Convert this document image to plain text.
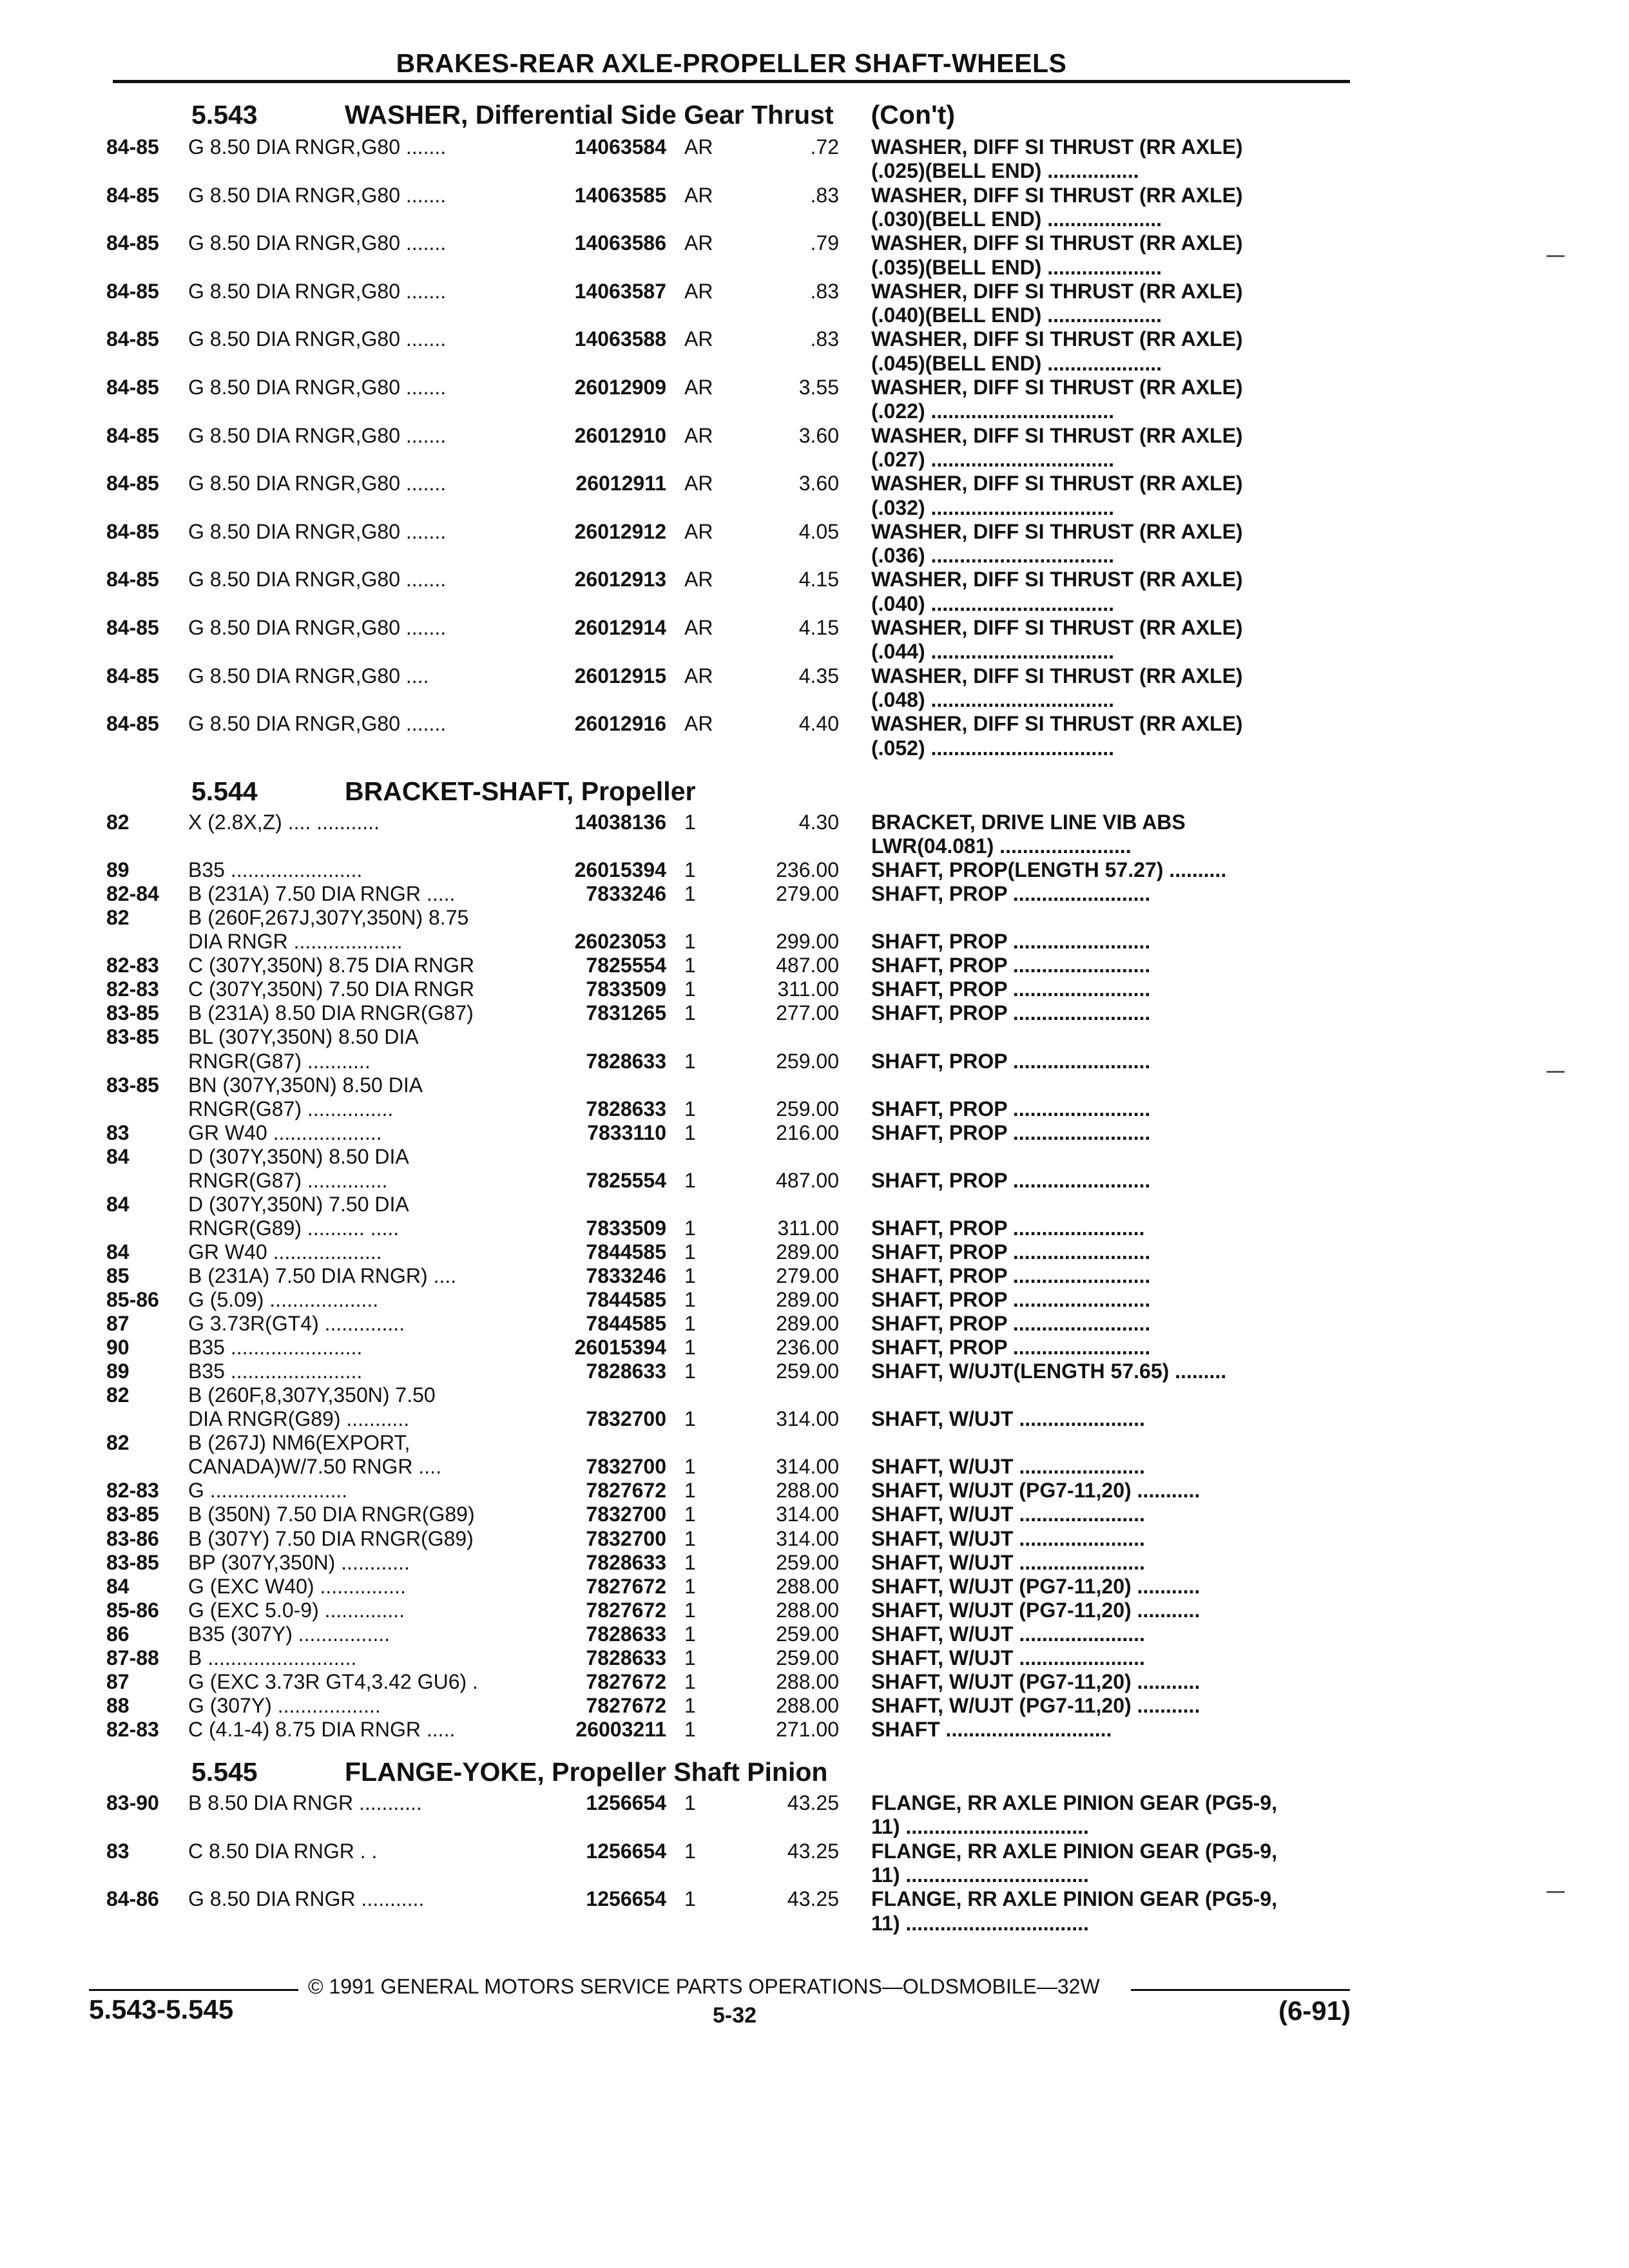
BRAKES-REAR AXLE-PROPELLER SHAFT-WHEELS
5.543	WASHER, Differential Side Gear Thrust (Con't)
84-85 G 8.50 DIA RNGR,G80 .......	14063584 AR	.72 WASHER, DIFF SI THRUST (RR AXLE)
(.025)(BELL END) ................
84-85 G 8.50 DIA RNGR,G80 .......	14063585 AR	.83 WASHER, DIFF SI THRUST (RR AXLE)
(.030)(BELL END) ....................
84-85 G 8.50 DIA RNGR,G80 .......	14063586 AR	.79 WASHER, DIFF SI THRUST (RR AXLE)
(.035)(BELL END) ....................
84-85 G 8.50 DIA RNGR,G80 .......	14063587 AR	.83 WASHER, DIFF SI THRUST (RR AXLE)
(.040)(BELL END) ....................
84-85 G 8.50 DIA RNGR,G80 .......	14063588 AR	.83 WASHER, DIFF SI THRUST (RR AXLE)
(.045)(BELL END) ....................
84-85 G 8.50 DIA RNGR,G80 .......	26012909 AR	3.55 WASHER, DIFF SI THRUST (RR AXLE)
(.022) ................................
84-85 G 8.50 DIA RNGR,G80 .......	26012910 AR	3.60 WASHER, DIFF SI THRUST (RR AXLE)
(.027) ................................
84-85 G 8.50 DIA RNGR,G80 .......	26012911 AR	3.60 WASHER, DIFF SI THRUST (RR AXLE)
(.032) ................................
84-85 G 8.50 DIA RNGR,G80 .......	26012912 AR	4.05 WASHER, DIFF SI THRUST (RR AXLE)
(.036) ................................
84-85 G 8.50 DIA RNGR,G80 .......	26012913 AR	4.15 WASHER, DIFF SI THRUST (RR AXLE)
(.040) ................................
84-85 G 8.50 DIA RNGR,G80 .......	26012914 AR	4.15 WASHER, DIFF SI THRUST (RR AXLE)
(.044) ................................
84-85 G 8.50 DIA RNGR,G80 ....	26012915 AR	4.35 WASHER, DIFF SI THRUST (RR AXLE)
(.048) ................................
84-85 G 8.50 DIA RNGR,G80 .......	26012916 AR	4.40 WASHER, DIFF SI THRUST (RR AXLE)
(.052) ................................
5.544	BRACKET-SHAFT, Propeller
82	X (2.8X,Z) .... ...........	14038136 1	4.30 BRACKET, DRIVE LINE VIB ABS
LWR(04.081) .......................
89	B35 .......................	26015394 1	236.00 SHAFT, PROP(LENGTH 57.27) ..........
82-84 B (231A) 7.50 DIA RNGR .....	7833246 1	279.00 SHAFT, PROP ........................
82	B (260F,267J,307Y,350N) 8.75
DIA RNGR ...................	26023053 1	299.00 SHAFT, PROP ........................
82-83 C (307Y,350N) 8.75 DIA RNGR	7825554 1	487.00 SHAFT, PROP ........................
82-83 C (307Y,350N) 7.50 DIA RNGR	7833509 1	311.00 SHAFT, PROP ........................
83-85 B (231A) 8.50 DIA RNGR(G87)	7831265 1	277.00 SHAFT, PROP ........................
83-85 BL (307Y,350N) 8.50 DIA
RNGR(G87) ...........	7828633 1	259.00 SHAFT, PROP ........................
83-85 BN (307Y,350N) 8.50 DIA
RNGR(G87) ...............	7828633 1	259.00 SHAFT, PROP ........................
83	GR W40 ...................	7833110 1	216.00 SHAFT, PROP ........................
84	D (307Y,350N) 8.50 DIA
RNGR(G87) ..............	7825554 1	487.00 SHAFT, PROP ........................
84	D (307Y,350N) 7.50 DIA
RNGR(G89) .......... .....	7833509 1	311.00 SHAFT, PROP .......................
84	GR W40 ...................	7844585 1	289.00 SHAFT, PROP ........................
85	B (231A) 7.50 DIA RNGR) ....	7833246 1	279.00 SHAFT, PROP ........................
85-86 G (5.09) ...................	7844585 1	289.00 SHAFT, PROP ........................
87	G 3.73R(GT4) ..............	7844585 1	289.00 SHAFT, PROP ........................
90	B35 .......................	26015394 1	236.00 SHAFT, PROP ........................
89	B35 .......................	7828633 1	259.00 SHAFT, W/UJT(LENGTH 57.65) .........
82	B (260F,8,307Y,350N) 7.50
DIA RNGR(G89) ...........	7832700 1	314.00 SHAFT, W/UJT ......................
82	B (267J) NM6(EXPORT,
CANADA)W/7.50 RNGR ....	7832700 1	314.00 SHAFT, W/UJT ......................
82-83 G ........................	7827672 1	288.00 SHAFT, W/UJT (PG7-11,20) ...........
83-85 B (350N) 7.50 DIA RNGR(G89)	7832700 1	314.00 SHAFT, W/UJT ......................
83-86 B (307Y) 7.50 DIA RNGR(G89)	7832700 1	314.00 SHAFT, W/UJT ......................
83-85 BP (307Y,350N) ............	7828633 1	259.00 SHAFT, W/UJT ......................
84	G (EXC W40) ...............	7827672 1	288.00 SHAFT, W/UJT (PG7-11,20) ...........
85-86 G (EXC 5.0-9) ..............	7827672 1	288.00 SHAFT, W/UJT (PG7-11,20) ...........
86	B35 (307Y) ................	7828633 1	259.00 SHAFT, W/UJT ......................
87-88 B ..........................	7828633 1	259.00 SHAFT, W/UJT ......................
87	G (EXC 3.73R GT4,3.42 GU6) .	7827672 1	288.00 SHAFT, W/UJT (PG7-11,20) ...........
88	G (307Y) ..................	7827672 1	288.00 SHAFT, W/UJT (PG7-11,20) ...........
82-83 C (4.1-4) 8.75 DIA RNGR .....	26003211 1	271.00 SHAFT .............................
5.545	FLANGE-YOKE, Propeller Shaft Pinion
83-90 B 8.50 DIA RNGR ...........	1256654 1	43.25 FLANGE, RR AXLE PINION GEAR (PG5-9,
11) ................................
83	C 8.50 DIA RNGR . .	1256654 1	43.25 FLANGE, RR AXLE PINION GEAR (PG5-9,
11) ................................
84-86 G 8.50 DIA RNGR ...........	1256654 1	43.25 FLANGE, RR AXLE PINION GEAR (PG5-9,
11) ................................
© 1991 GENERAL MOTORS SERVICE PARTS OPERATIONS—OLDSMOBILE—32W
5.543-5.545	5-32	(6-91)
